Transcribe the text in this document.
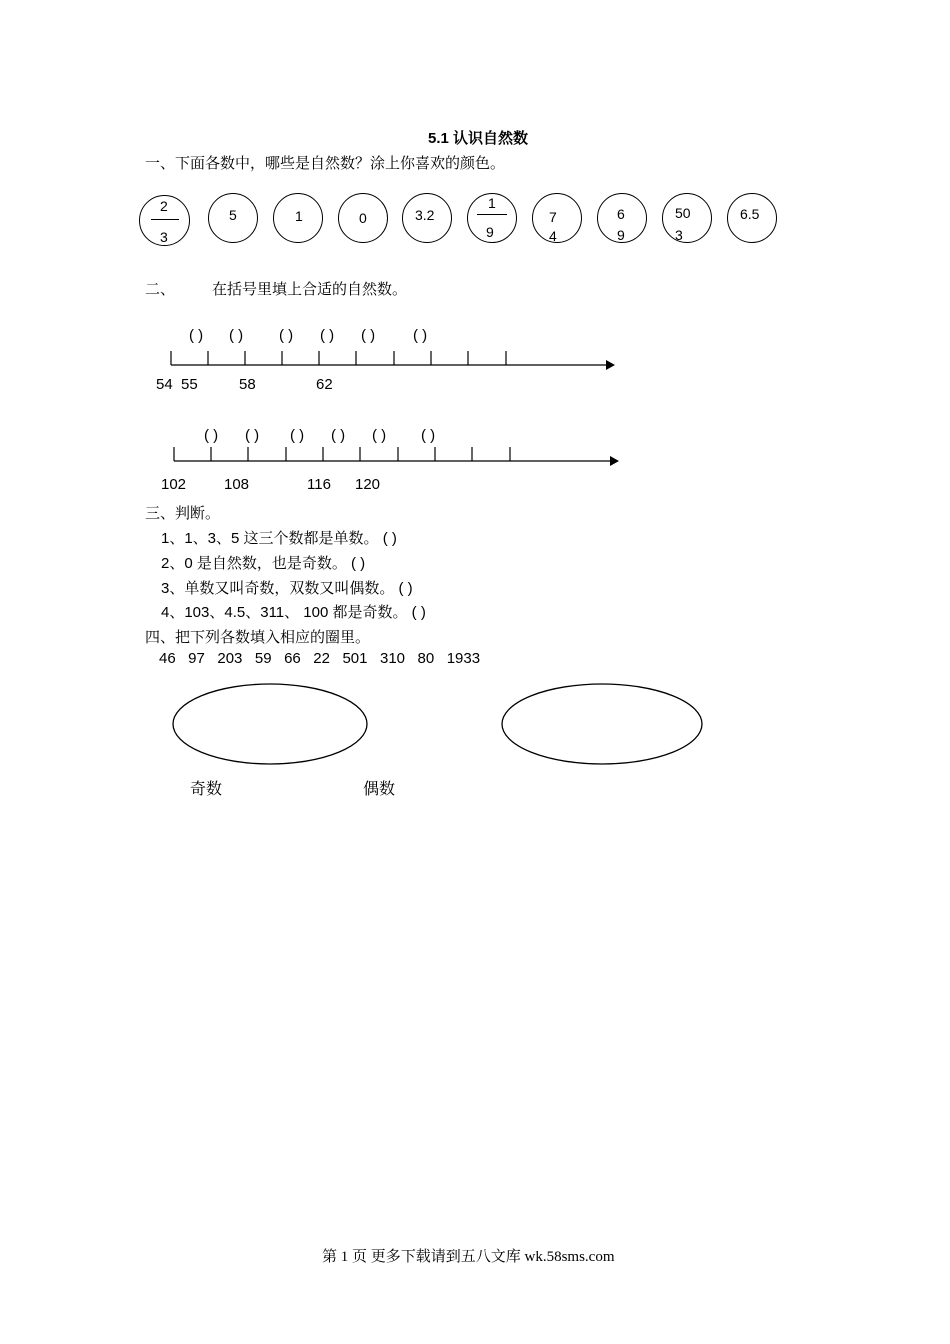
5.1 认识自然数
一、下面各数中，哪些是自然数？涂上你喜欢的颜色。
2
3
5	1	0	3.2
1
9
7
4
6
9
50
3
6.5
二、 在括号里填上合适的自然数。
( ) ( ) ( ) ( ) ( )	( )
54 55	58	62
( ) ( ) ( ) ( ) ( ) ( )
102	108	116 120
三、判断。
1、1、3、5 这三个数都是单数。 ( )
2、0 是自然数，也是奇数。 ( )
3、单数又叫奇数，双数又叫偶数。 ( )
4、103、4.5、311、 100 都是奇数。 ( )
四、把下列各数填入相应的圈里。
46   97   203   59   66   22   501   310   80   1933
奇数	偶数
第 1 页 更多下载请到五八文库 wk.58sms.com
